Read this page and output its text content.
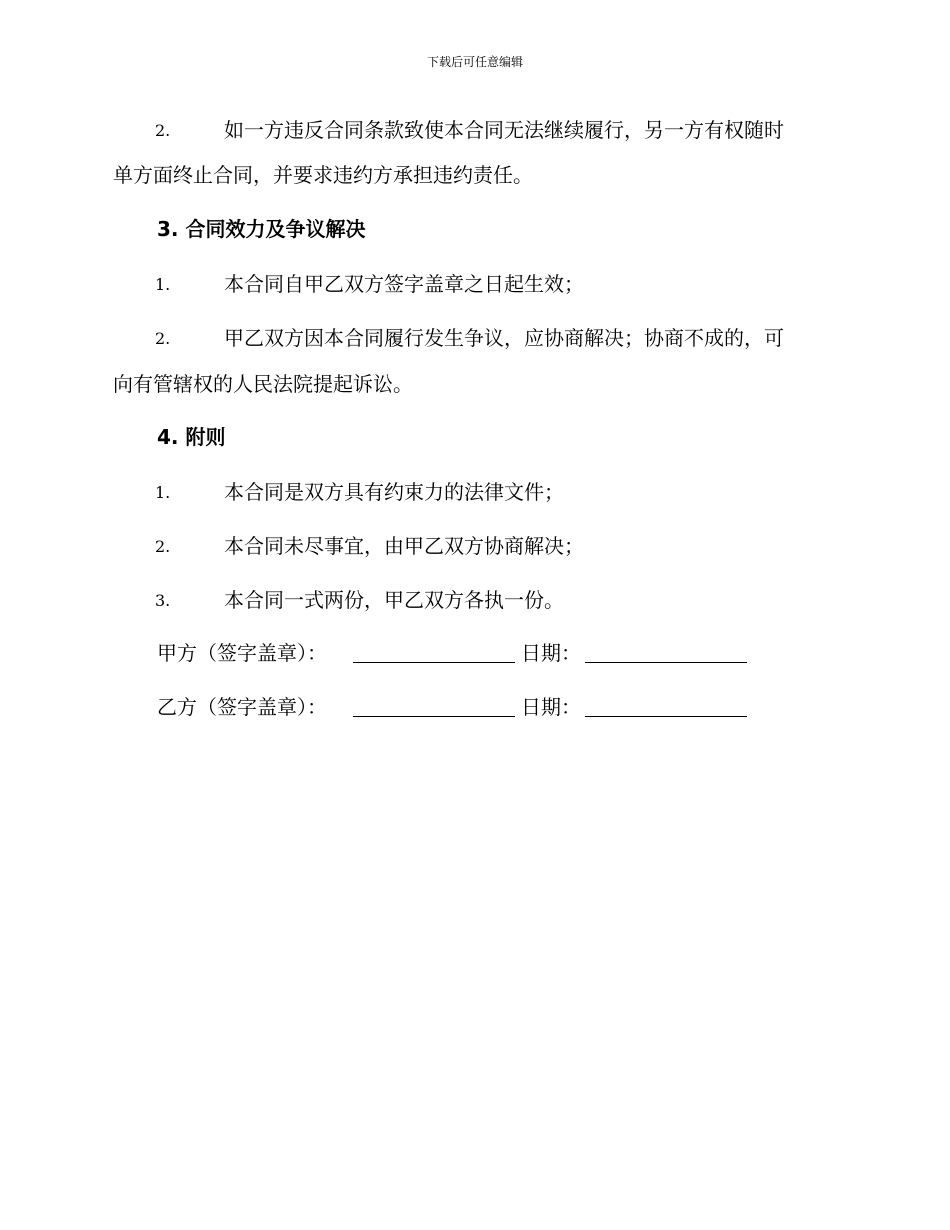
下载后可任意编辑
2.	如一方违反合同条款致使本合同无法继续履行，另一方有权随时
单方面终止合同，并要求违约方承担违约责任。
3. 合同效力及争议解决
1.	本合同自甲乙双方签字盖章之日起生效；
2.	甲乙双方因本合同履行发生争议，应协商解决；协商不成的，可
向有管辖权的人民法院提起诉讼。
4. 附则
1.	本合同是双方具有约束力的法律文件；
2.	本合同未尽事宜，由甲乙双方协商解决；
3.	本合同一式两份，甲乙双方各执一份。
甲方（签字盖章）：	日期：
乙方（签字盖章）：	日期：
